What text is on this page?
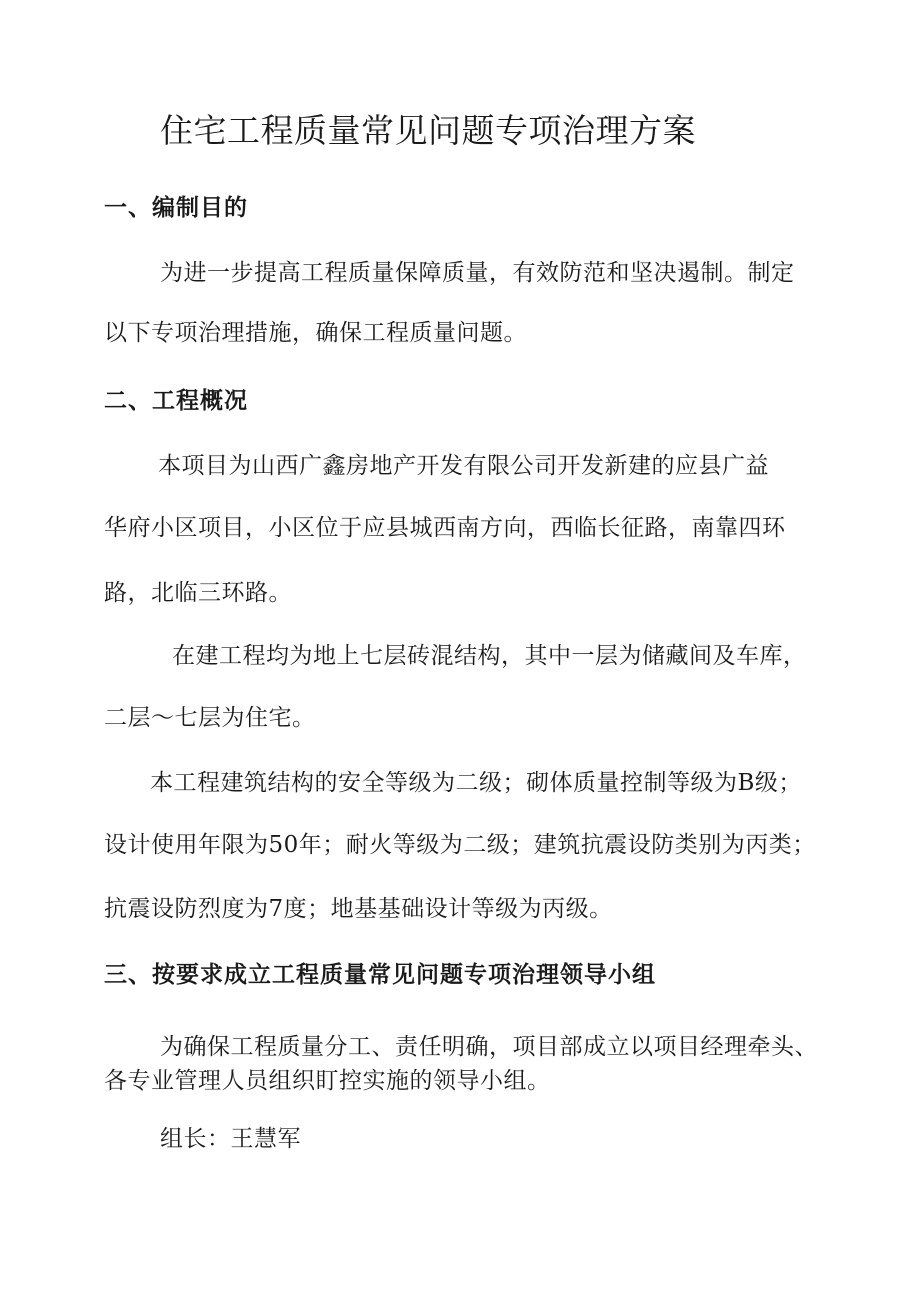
住宅工程质量常见问题专项治理方案
一、编制目的

为进一步提高工程质量保障质量，有效防范和坚决遏制。制定

以下专项治理措施，确保工程质量问题。

二、工程概况

本项目为山西广鑫房地产开发有限公司开发新建的应县广益

华府小区项目，小区位于应县城西南方向，西临长征路，南靠四环

路，北临三环路。

在建工程均为地上七层砖混结构，其中一层为储藏间及车库，

二层～七层为住宅。

本工程建筑结构的安全等级为二级；砌体质量控制等级为B级；

设计使用年限为50年；耐火等级为二级；建筑抗震设防类别为丙类；

抗震设防烈度为7度；地基基础设计等级为丙级。

三、按要求成立工程质量常见问题专项治理领导小组

为确保工程质量分工、责任明确，项目部成立以项目经理牵头、

各专业管理人员组织盯控实施的领导小组。

组长：王慧军
